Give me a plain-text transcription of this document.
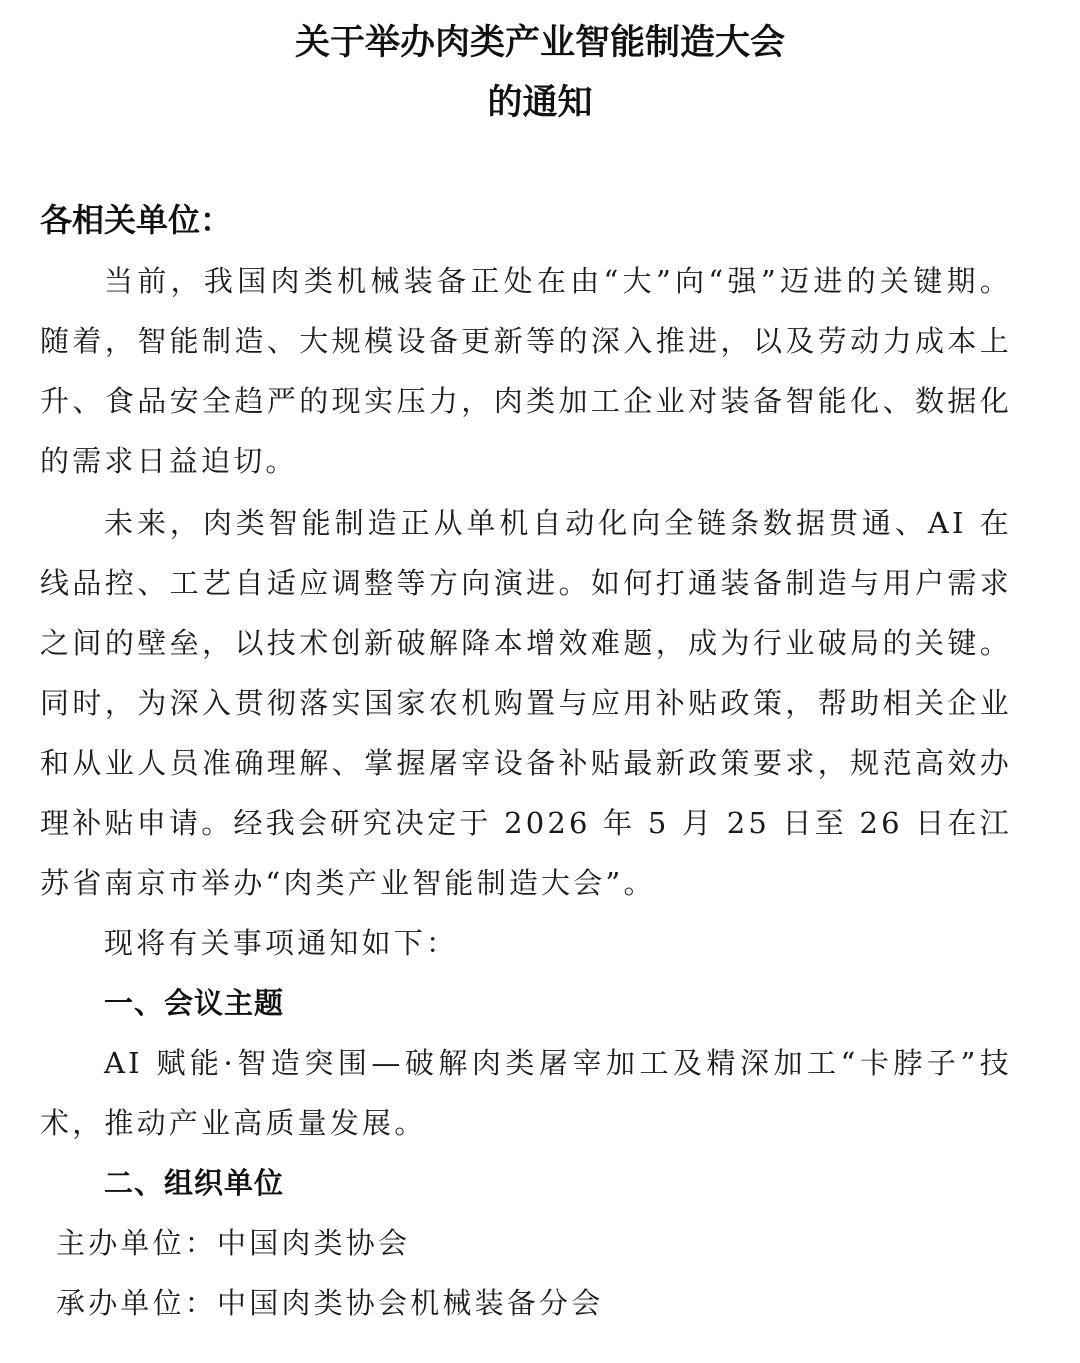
关于举办肉类产业智能制造大会
的通知

各相关单位：

当前，我国肉类机械装备正处在由“大”向“强”迈进的关键期。随着，智能制造、大规模设备更新等的深入推进，以及劳动力成本上升、食品安全趋严的现实压力，肉类加工企业对装备智能化、数据化的需求日益迫切。

未来，肉类智能制造正从单机自动化向全链条数据贯通、AI 在线品控、工艺自适应调整等方向演进。如何打通装备制造与用户需求之间的壁垒，以技术创新破解降本增效难题，成为行业破局的关键。同时，为深入贯彻落实国家农机购置与应用补贴政策，帮助相关企业和从业人员准确理解、掌握屠宰设备补贴最新政策要求，规范高效办理补贴申请。经我会研究决定于 2026 年 5 月 25 日至 26 日在江苏省南京市举办“肉类产业智能制造大会”。

现将有关事项通知如下：

一、会议主题

AI 赋能·智造突围—破解肉类屠宰加工及精深加工“卡脖子”技术，推动产业高质量发展。

二、组织单位

主办单位：中国肉类协会

承办单位：中国肉类协会机械装备分会
